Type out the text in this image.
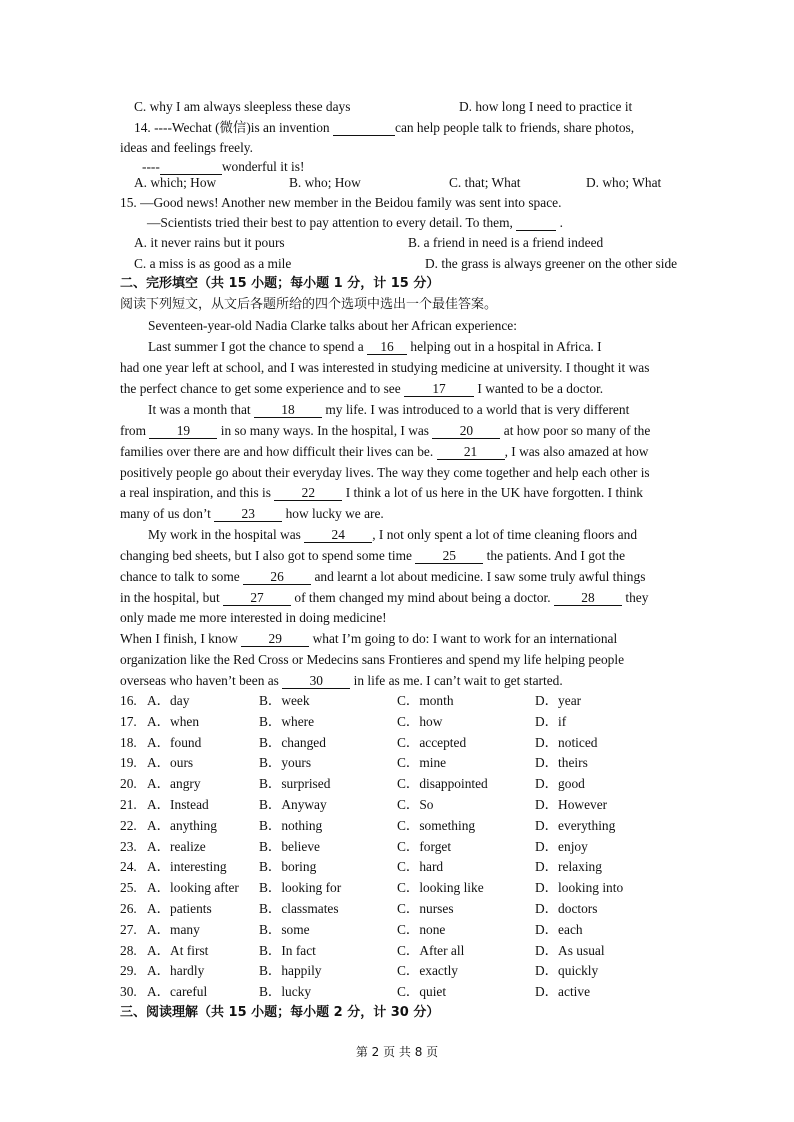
C. why I am always sleepless these days	D. how long I need to practice it
14. ----Wechat (微信)is an invention	can help people talk to friends, share photos,
ideas and feelings freely.
----	wonderful it is!
A. which; How	B. who; How	C. that; What	D. who; What
15. —Good news! Another new member in the Beidou family was sent into space.
—Scientists tried their best to pay attention to every detail. To them,	.
A. it never rains but it pours	B. a friend in need is a friend indeed
C. a miss is as good as a mile	D. the grass is always greener on the other side
二、完形填空（共 15 小题；每小题 1 分，计 15 分）
阅读下列短文，从文后各题所给的四个选项中选出一个最佳答案。
Seventeen-year-old Nadia Clarke talks about her African experience:
Last summer I got the chance to spend a 16 helping out in a hospital in Africa. I
had one year left at school, and I was interested in studying medicine at university. I thought it was
the perfect chance to get some experience and to see 17 I wanted to be a doctor.
It was a month that 18 my life. I was introduced to a world that is very different
from 19 in so many ways. In the hospital, I was 20 at how poor so many of the
families over there are and how difficult their lives can be. 21 , I was also amazed at how
positively people go about their everyday lives. The way they come together and help each other is
a real inspiration, and this is 22 I think a lot of us here in the UK have forgotten. I think
many of us don’t 23 how lucky we are.
My work in the hospital was 24 , I not only spent a lot of time cleaning floors and
changing bed sheets, but I also got to spend some time 25 the patients. And I got the
chance to talk to some 26 and learnt a lot about medicine. I saw some truly awful things
in the hospital, but 27 of them changed my mind about being a doctor. 28 they
only made me more interested in doing medicine!
When I finish, I know 29 what I’m going to do: I want to work for an international
organization like the Red Cross or Medecins sans Frontieres and spend my life helping people
overseas who haven’t been as 30 in life as me. I can’t wait to get started.
16. A．day	B．week	C．month	D．year
17. A．when	B．where	C．how	D．if
18. A．found	B．changed	C．accepted	D．noticed
19. A．ours	B．yours	C．mine	D．theirs
20. A．angry	B．surprised	C．disappointed	D．good
21. A．Instead	B．Anyway	C．So	D．However
22. A．anything	B．nothing	C．something	D．everything
23. A．realize	B．believe	C．forget	D．enjoy
24. A．interesting B．boring	C．hard	D．relaxing
25. A．looking after B．looking for	C．looking like	D．looking into
26. A．patients	B．classmates	C．nurses	D．doctors
27. A．many	B．some	C．none	D．each
28. A．At first	B．In fact	C．After all	D．As usual
29. A．hardly	B．happily	C．exactly	D．quickly
30. A．careful	B．lucky	C．quiet	D．active
三、阅读理解（共 15 小题；每小题 2 分，计 30 分）
第 2 页 共 8 页
